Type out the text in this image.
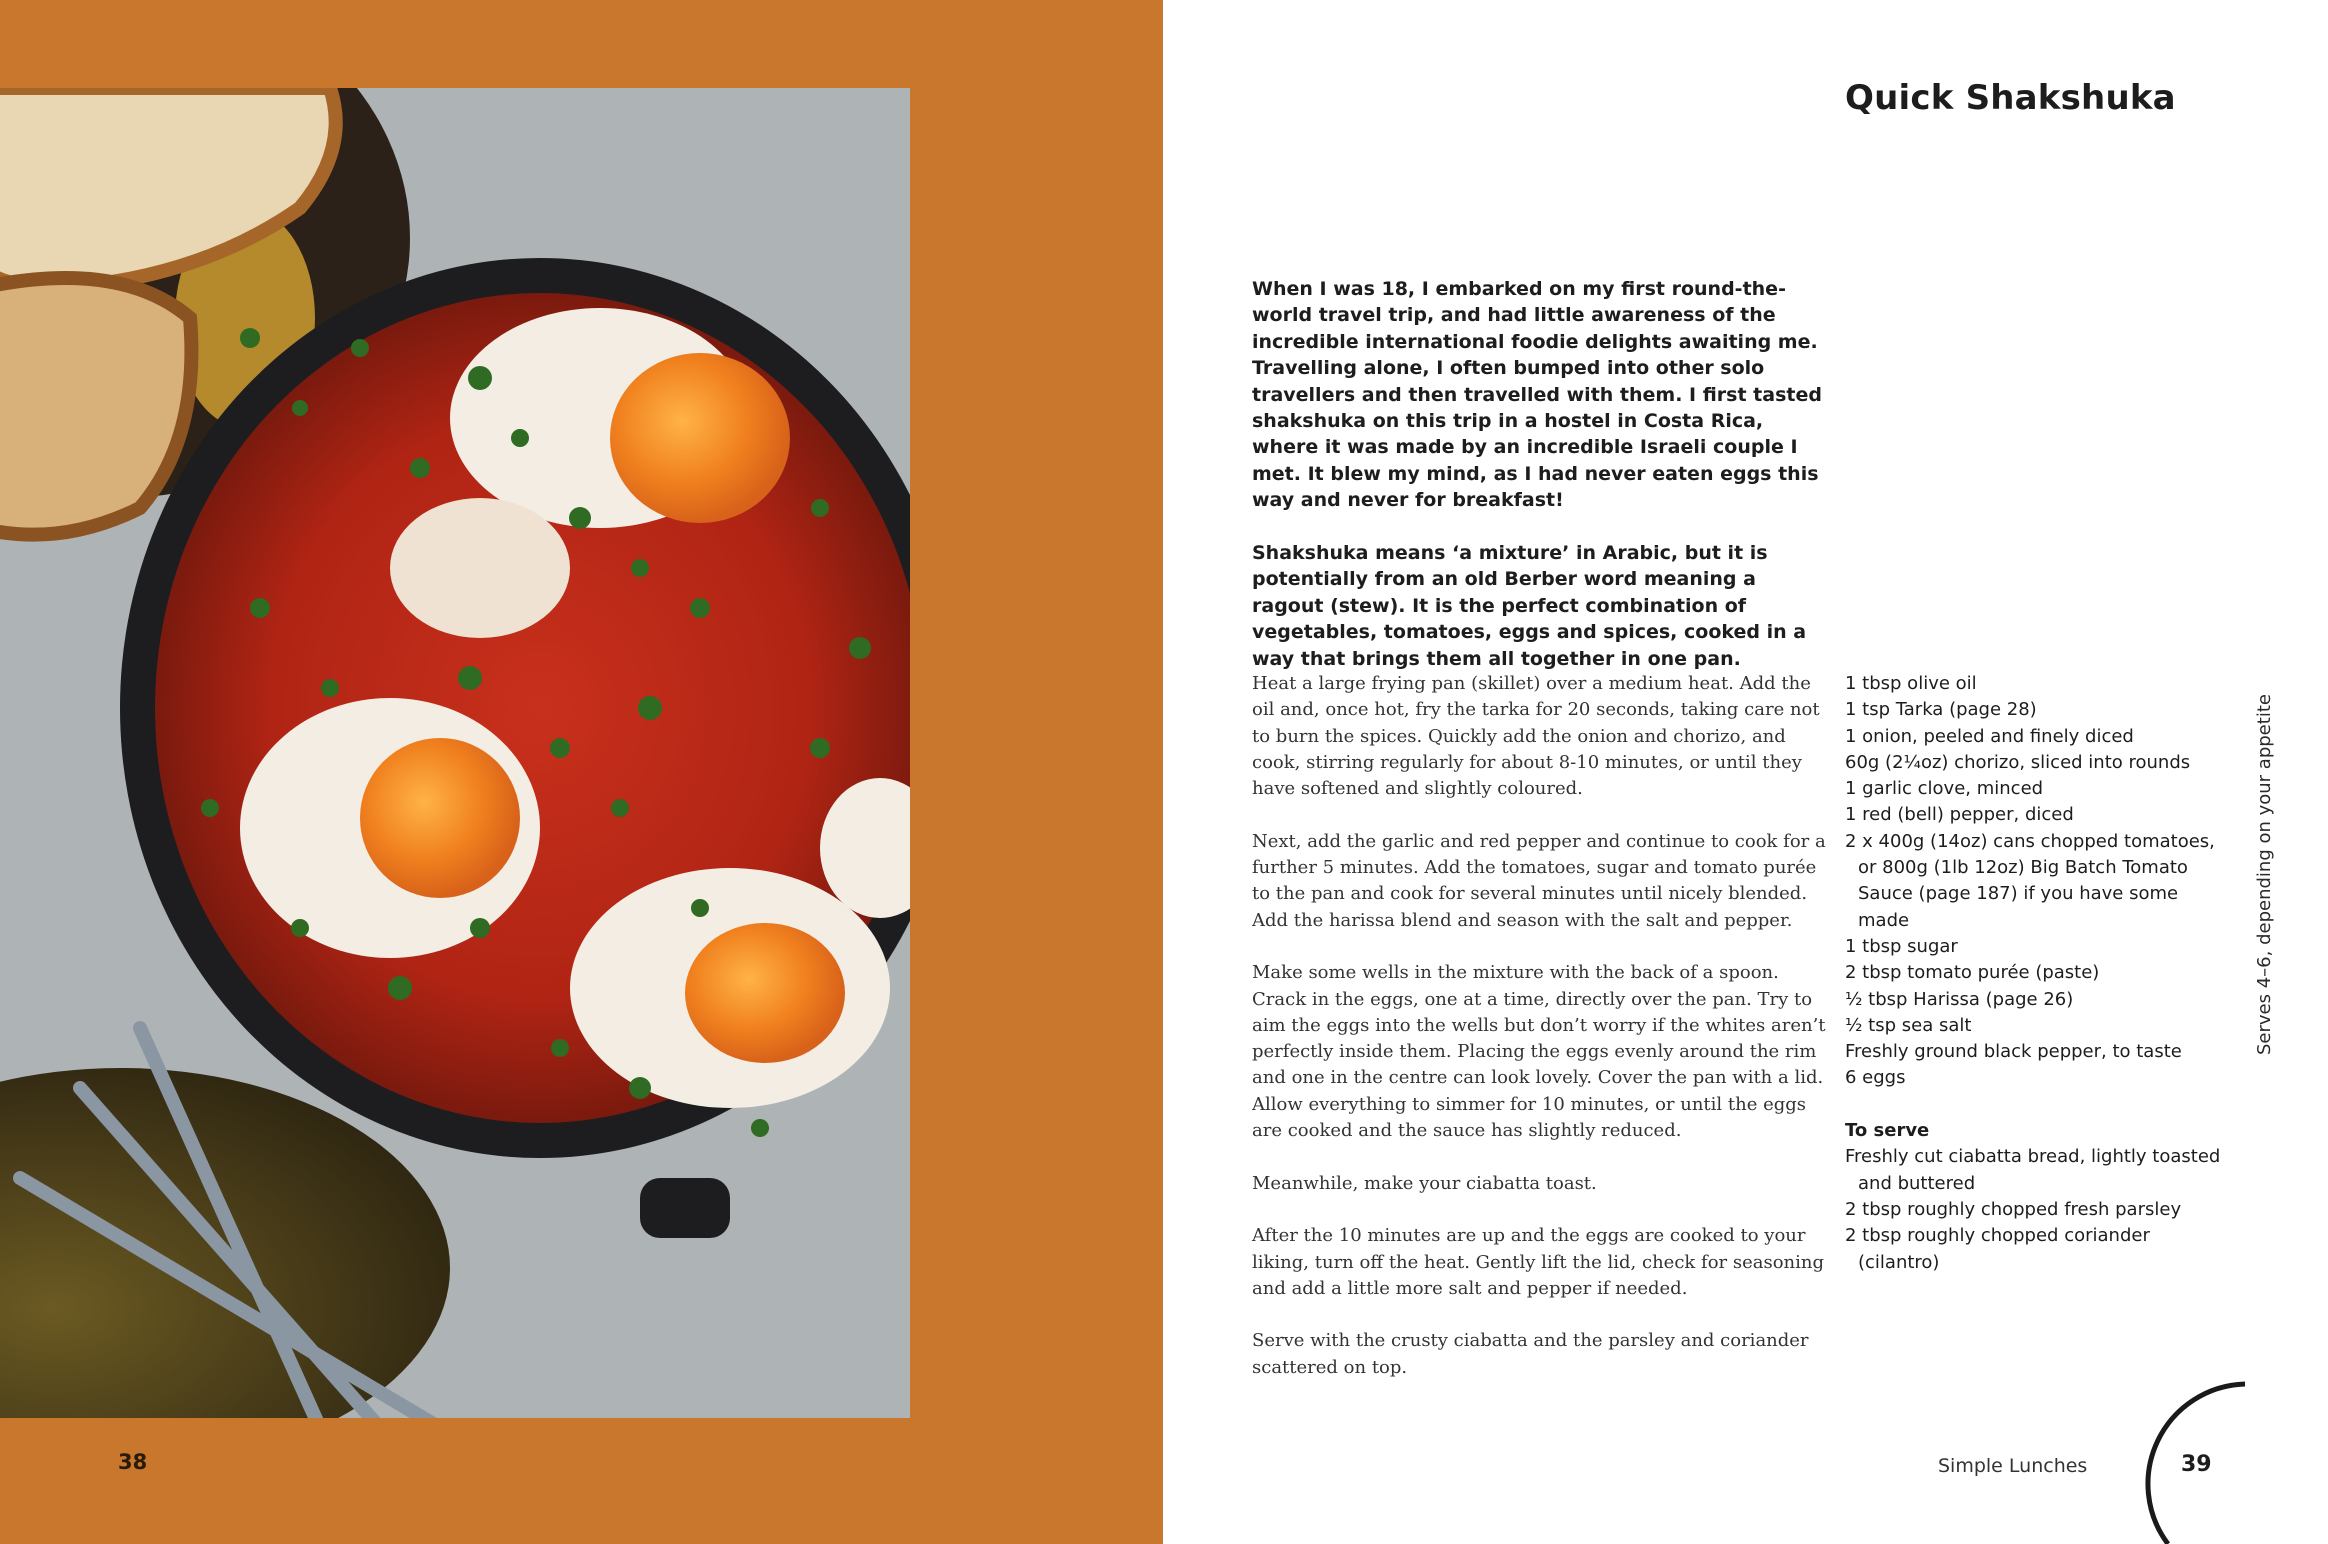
38
Quick Shakshuka

When I was 18, I embarked on my first round-the-world travel trip, and had little awareness of the incredible international foodie delights awaiting me. Travelling alone, I often bumped into other solo travellers and then travelled with them. I first tasted shakshuka on this trip in a hostel in Costa Rica, where it was made by an incredible Israeli couple I met. It blew my mind, as I had never eaten eggs this way and never for breakfast!

Shakshuka means ‘a mixture’ in Arabic, but it is potentially from an old Berber word meaning a ragout (stew). It is the perfect combination of vegetables, tomatoes, eggs and spices, cooked in a way that brings them all together in one pan.

Heat a large frying pan (skillet) over a medium heat. Add the oil and, once hot, fry the tarka for 20 seconds, taking care not to burn the spices. Quickly add the onion and chorizo, and cook, stirring regularly for about 8-10 minutes, or until they have softened and slightly coloured.

Next, add the garlic and red pepper and continue to cook for a further 5 minutes. Add the tomatoes, sugar and tomato purée to the pan and cook for several minutes until nicely blended. Add the harissa blend and season with the salt and pepper.

Make some wells in the mixture with the back of a spoon. Crack in the eggs, one at a time, directly over the pan. Try to aim the eggs into the wells but don’t worry if the whites aren’t perfectly inside them. Placing the eggs evenly around the rim and one in the centre can look lovely. Cover the pan with a lid. Allow everything to simmer for 10 minutes, or until the eggs are cooked and the sauce has slightly reduced.

Meanwhile, make your ciabatta toast.

After the 10 minutes are up and the eggs are cooked to your liking, turn off the heat. Gently lift the lid, check for seasoning and add a little more salt and pepper if needed.

Serve with the crusty ciabatta and the parsley and coriander scattered on top.

1 tbsp olive oil
1 tsp Tarka (page 28)
1 onion, peeled and finely diced
60g (2¼oz) chorizo, sliced into rounds
1 garlic clove, minced
1 red (bell) pepper, diced
2 x 400g (14oz) cans chopped tomatoes, or 800g (1lb 12oz) Big Batch Tomato Sauce (page 187) if you have some made
1 tbsp sugar
2 tbsp tomato purée (paste)
½ tbsp Harissa (page 26)
½ tsp sea salt
Freshly ground black pepper, to taste
6 eggs
To serve
Freshly cut ciabatta bread, lightly toasted and buttered
2 tbsp roughly chopped fresh parsley
2 tbsp roughly chopped coriander (cilantro)
Serves 4–6, depending on your appetite
Simple Lunches	39
